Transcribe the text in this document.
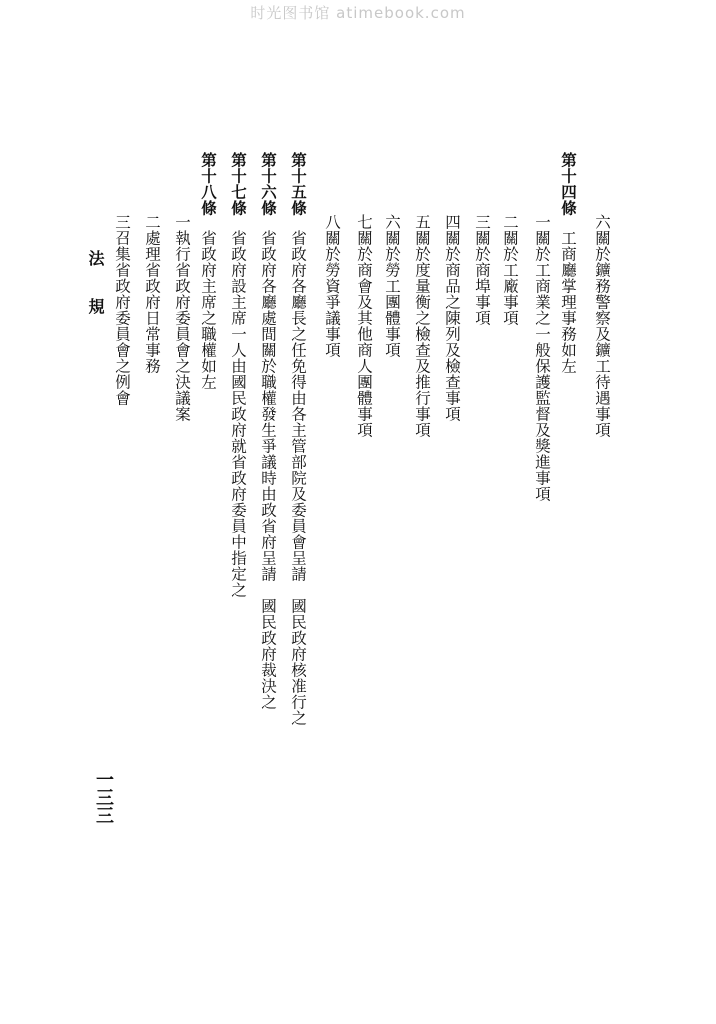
时光图书馆 atimebook.com
六關於鑛務警察及鑛工待遇事項
第十四條工商廳掌理事務如左
一關於工商業之一般保護監督及獎進事項
二關於工廠事項
三關於商埠事項
四關於商品之陳列及檢查事項
五關於度量衡之檢查及推行事項
六關於勞工團體事項
七關於商會及其他商人團體事項
八關於勞資爭議事項
第十五條省政府各廳長之任免得由各主管部院及委員會呈請　國民政府核准行之
第十六條省政府各廳處間關於職權發生爭議時由政省府呈請　國民政府裁決之
第十七條省政府設主席一人由國民政府就省政府委員中指定之
第十八條省政府主席之職權如左
一執行省政府委員會之決議案
二處理省政府日常事務
三召集省政府委員會之例會
法　　規
一三三
